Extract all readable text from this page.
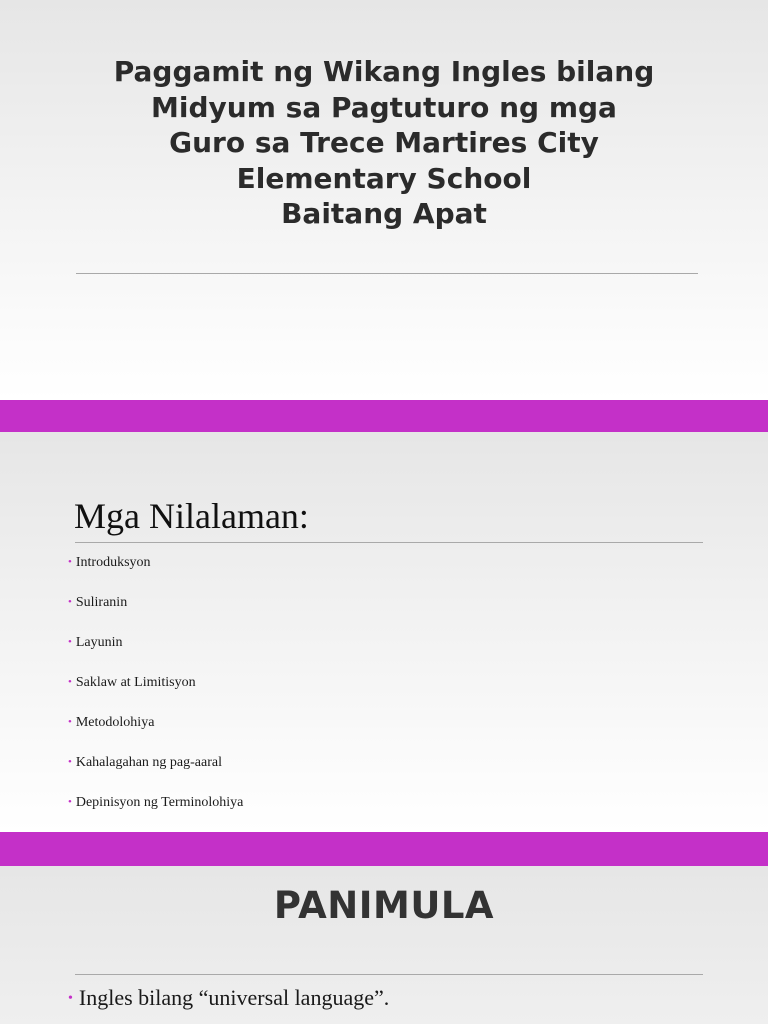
Paggamit ng Wikang Ingles bilang
Midyum sa Pagtuturo ng mga
Guro sa Trece Martires City
Elementary School
Baitang Apat
Mga Nilalaman:
• Introduksyon
• Suliranin
• Layunin
• Saklaw at Limitisyon
• Metodolohiya
• Kahalagahan ng pag-aaral
• Depinisyon ng Terminolohiya
PANIMULA
• Ingles bilang “universal language”.
